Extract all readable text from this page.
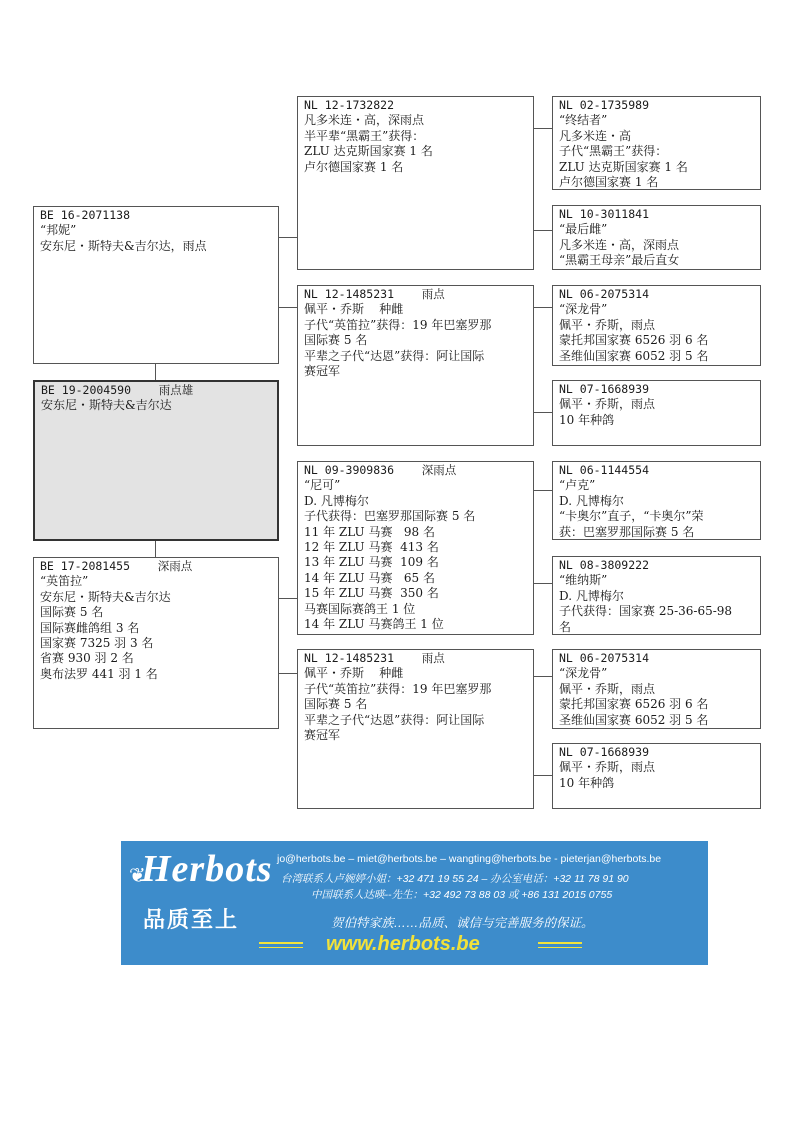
BE 16-2071138
“邦妮”
安东尼・斯特夫&吉尔达，雨点
BE 19-2004590    雨点雄
安东尼・斯特夫&吉尔达
BE 17-2081455    深雨点
“英笛拉”
安东尼・斯特夫&吉尔达
国际赛 5 名
国际赛雌鸽组 3 名
国家赛 7325 羽 3 名
省赛 930 羽 2 名
奥布法罗 441 羽 1 名
NL 12-1732822
凡多米连・高，深雨点
半平辈“黑霸王”获得：
ZLU 达克斯国家赛 1 名
卢尔德国家赛 1 名
NL 12-1485231    雨点
佩平・乔斯    种雌
子代“英笛拉”获得：19 年巴塞罗那
国际赛 5 名
平辈之子代“达恩”获得：阿让国际
赛冠军
NL 09-3909836    深雨点
“尼可”
D. 凡博梅尔
子代获得：巴塞罗那国际赛 5 名
11 年 ZLU 马赛   98 名
12 年 ZLU 马赛  413 名
13 年 ZLU 马赛  109 名
14 年 ZLU 马赛   65 名
15 年 ZLU 马赛  350 名
马赛国际赛鸽王 1 位
14 年 ZLU 马赛鸽王 1 位
NL 12-1485231    雨点
佩平・乔斯    种雌
子代“英笛拉”获得：19 年巴塞罗那
国际赛 5 名
平辈之子代“达恩”获得：阿让国际
赛冠军
NL 02-1735989
“终结者”
凡多米连・高
子代“黑霸王”获得：
ZLU 达克斯国家赛 1 名
卢尔德国家赛 1 名
NL 10-3011841
“最后雌”
凡多米连・高，深雨点
“黑霸王母亲”最后直女
NL 06-2075314
“深龙骨”
佩平・乔斯，雨点
蒙托邦国家赛 6526 羽 6 名
圣维仙国家赛 6052 羽 5 名
NL 07-1668939
佩平・乔斯，雨点
10 年种鸽
NL 06-1144554
“卢克”
D. 凡博梅尔
“卡奥尔”直子，“卡奥尔”荣
获：巴塞罗那国际赛 5 名
NL 08-3809222
“维纳斯”
D. 凡博梅尔
子代获得：国家赛 25-36-65-98
名
NL 06-2075314
“深龙骨”
佩平・乔斯，雨点
蒙托邦国家赛 6526 羽 6 名
圣维仙国家赛 6052 羽 5 名
NL 07-1668939
佩平・乔斯，雨点
10 年种鸽
❦
Herbots
品质至上
jo@herbots.be – miet@herbots.be – wangting@herbots.be - pieterjan@herbots.be
台湾联系人卢婉婷小姐：+32 471 19 55 24 – 办公室电话：+32 11 78 91 90
中国联系人达暎--先生：+32 492 73 88 03 或 +86 131 2015 0755
贺伯特家族……品质、诚信与完善服务的保证。
www.herbots.be
